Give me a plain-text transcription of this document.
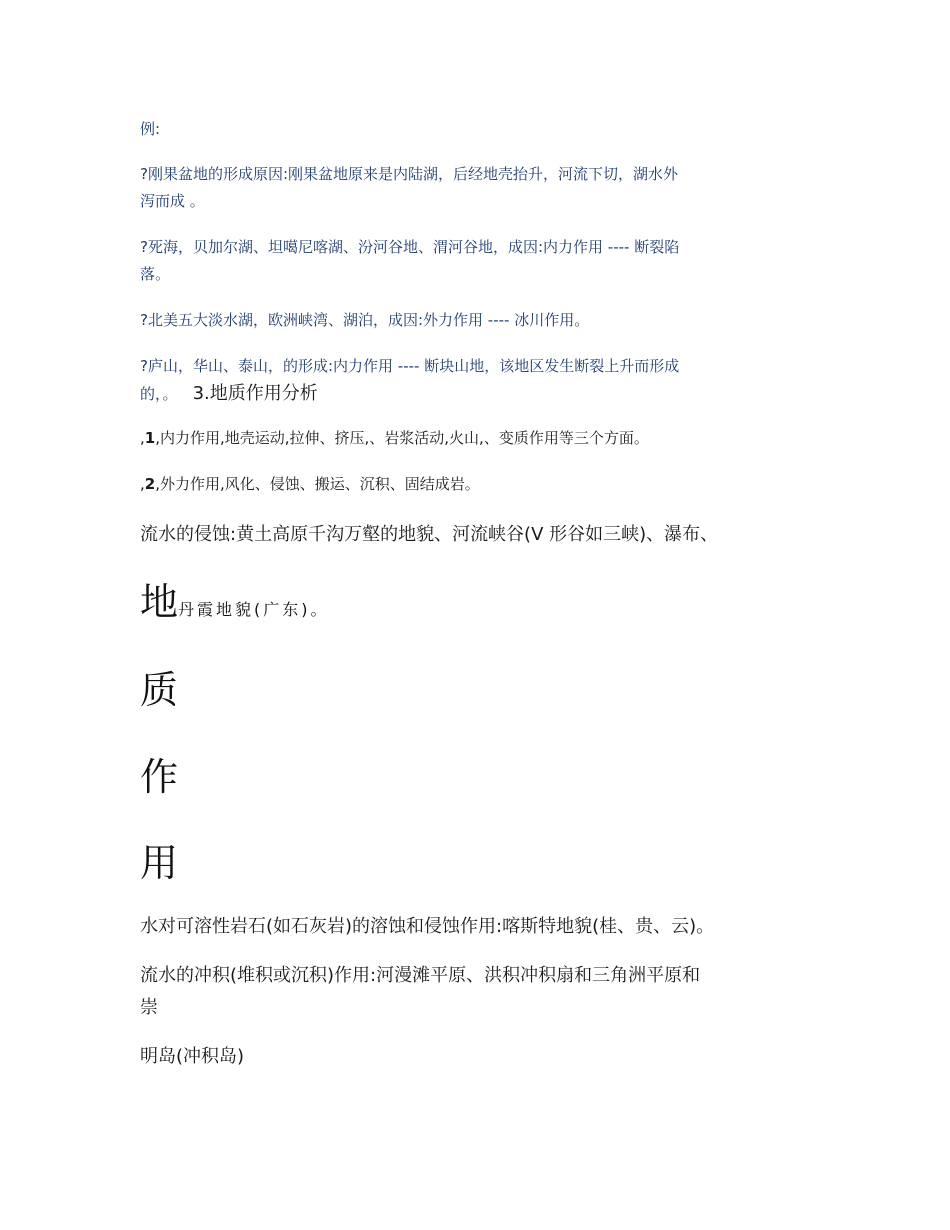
例:

?刚果盆地的形成原因:刚果盆地原来是内陆湖，后经地壳抬升，河流下切，湖水外

泻而成 。

?死海，贝加尔湖、坦噶尼喀湖、汾河谷地、渭河谷地，成因:内力作用 ---- 断裂陷

落。

?北美五大淡水湖，欧洲峡湾、湖泊，成因:外力作用 ---- 冰川作用。

?庐山，华山、泰山，的形成:内力作用 ---- 断块山地，该地区发生断裂上升而形成

的，。 3.地质作用分析

,1,内力作用,地壳运动,拉伸、挤压,、岩浆活动,火山,、变质作用等三个方面。

,2,外力作用,风化、侵蚀、搬运、沉积、固结成岩。

流水的侵蚀:黄土高原千沟万壑的地貌、河流峡谷(V 形谷如三峡)、瀑布、

地丹霞地貌(广东)。

质

作

用

水对可溶性岩石(如石灰岩)的溶蚀和侵蚀作用:喀斯特地貌(桂、贵、云)。

流水的冲积(堆积或沉积)作用:河漫滩平原、洪积冲积扇和三角洲平原和

崇

明岛(冲积岛)
